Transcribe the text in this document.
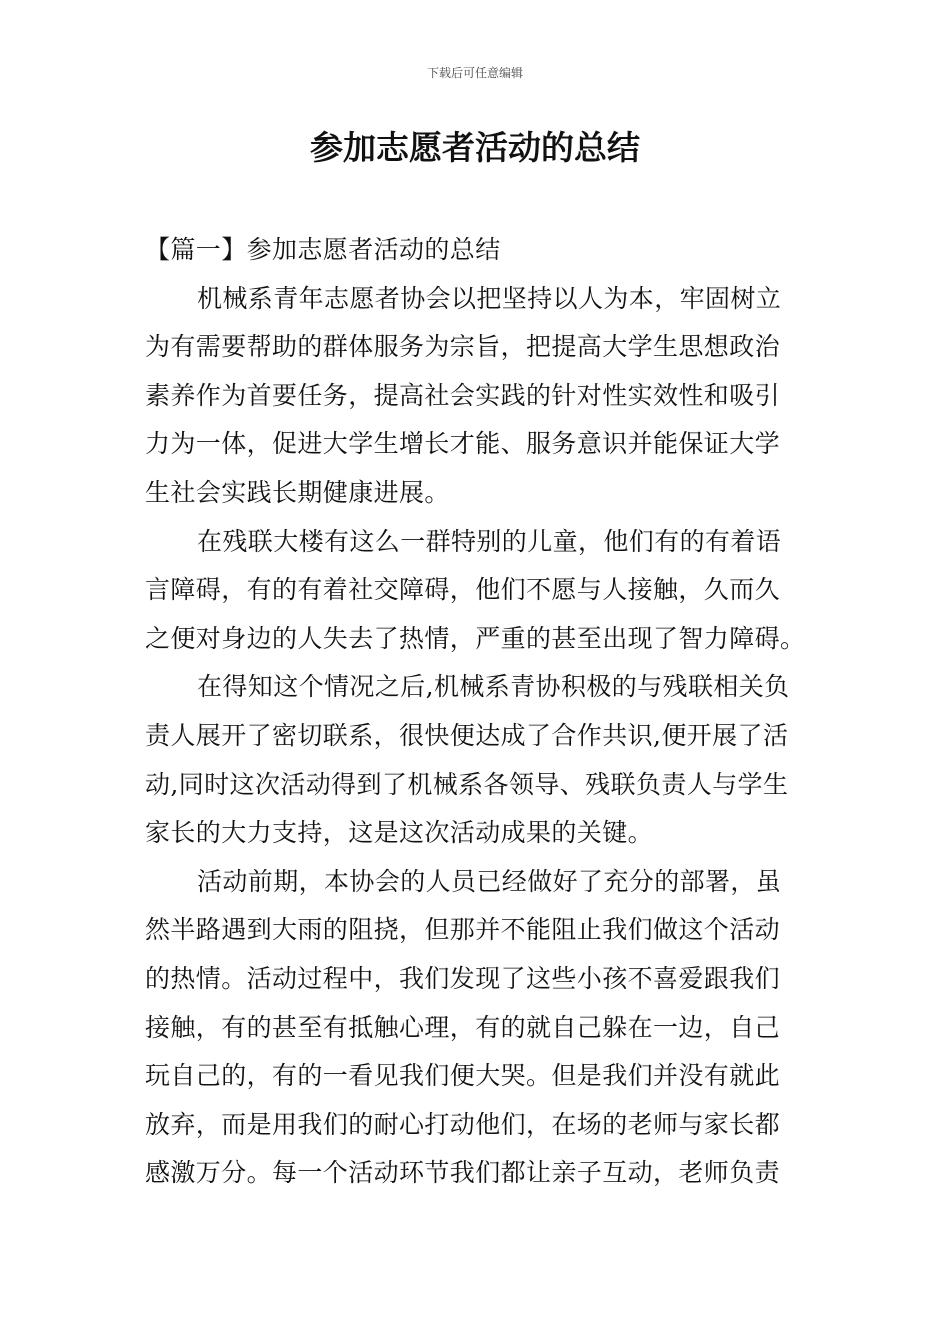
下载后可任意编辑
参加志愿者活动的总结

【篇一】参加志愿者活动的总结

机械系青年志愿者协会以把坚持以人为本，牢固树立
为有需要帮助的群体服务为宗旨，把提高大学生思想政治
素养作为首要任务，提高社会实践的针对性实效性和吸引
力为一体，促进大学生增长才能、服务意识并能保证大学
生社会实践长期健康进展。

在残联大楼有这么一群特别的儿童，他们有的有着语
言障碍，有的有着社交障碍，他们不愿与人接触，久而久
之便对身边的人失去了热情，严重的甚至出现了智力障碍。

在得知这个情况之后,机械系青协积极的与残联相关负
责人展开了密切联系，很快便达成了合作共识,便开展了活
动,同时这次活动得到了机械系各领导、残联负责人与学生
家长的大力支持，这是这次活动成果的关键。

活动前期，本协会的人员已经做好了充分的部署，虽
然半路遇到大雨的阻挠，但那并不能阻止我们做这个活动
的热情。活动过程中，我们发现了这些小孩不喜爱跟我们
接触，有的甚至有抵触心理，有的就自己躲在一边，自己
玩自己的，有的一看见我们便大哭。但是我们并没有就此
放弃，而是用我们的耐心打动他们，在场的老师与家长都
感激万分。每一个活动环节我们都让亲子互动，老师负责
